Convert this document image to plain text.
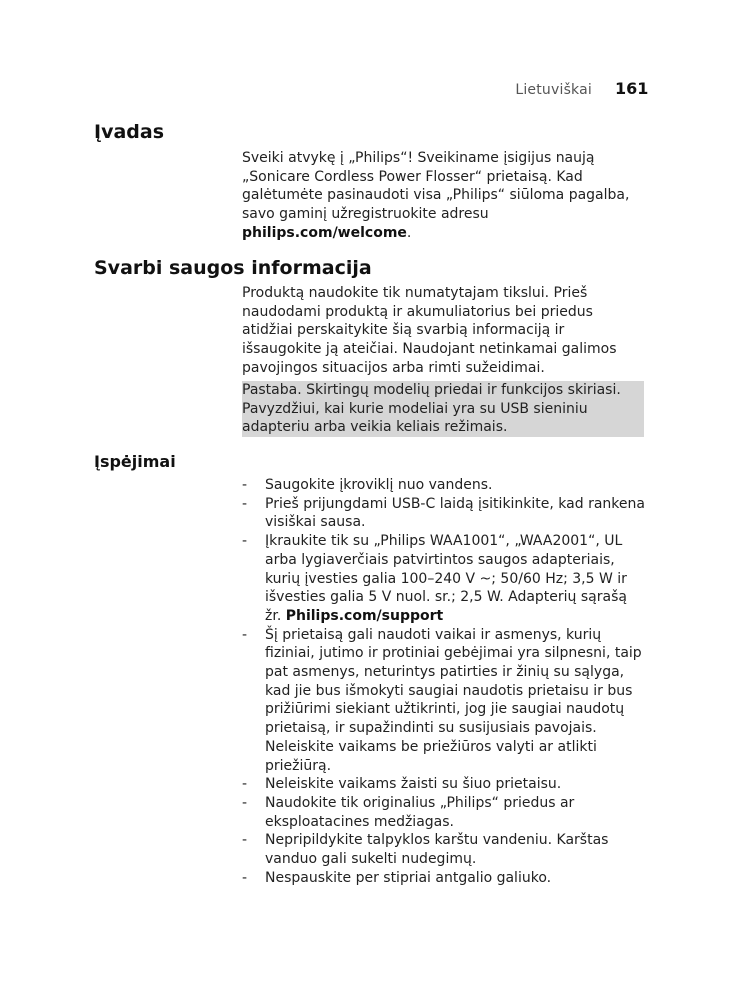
Lietuviškai 161
Įvadas

Sveiki atvykę į „Philips“! Sveikiname įsigijus naują „Sonicare Cordless Power Flosser“ prietaisą. Kad galėtumėte pasinaudoti visa „Philips“ siūloma pagalba, savo gaminį užregistruokite adresu philips.com/welcome.

Svarbi saugos informacija

Produktą naudokite tik numatytajam tikslui. Prieš naudodami produktą ir akumuliatorius bei priedus atidžiai perskaitykite šią svarbią informaciją ir išsaugokite ją ateičiai. Naudojant netinkamai galimos pavojingos situacijos arba rimti sužeidimai.

Pastaba. Skirtingų modelių priedai ir funkcijos skiriasi. Pavyzdžiui, kai kurie modeliai yra su USB sieniniu adapteriu arba veikia keliais režimais.

Įspėjimai
- Saugokite įkroviklį nuo vandens.
- Prieš prijungdami USB-C laidą įsitikinkite, kad rankena visiškai sausa.
- Įkraukite tik su „Philips WAA1001“, „WAA2001“, UL arba lygiaverčiais patvirtintos saugos adapteriais, kurių įvesties galia 100–240 V ~; 50/60 Hz; 3,5 W ir išvesties galia 5 V nuol. sr.; 2,5 W. Adapterių sąrašą žr. Philips.com/support
- Šį prietaisą gali naudoti vaikai ir asmenys, kurių fiziniai, jutimo ir protiniai gebėjimai yra silpnesni, taip pat asmenys, neturintys patirties ir žinių su sąlyga, kad jie bus išmokyti saugiai naudotis prietaisu ir bus prižiūrimi siekiant užtikrinti, jog jie saugiai naudotų prietaisą, ir supažindinti su susijusiais pavojais. Neleiskite vaikams be priežiūros valyti ar atlikti priežiūrą.
- Neleiskite vaikams žaisti su šiuo prietaisu.
- Naudokite tik originalius „Philips“ priedus ar eksploatacines medžiagas.
- Nepripildykite talpyklos karštu vandeniu. Karštas vanduo gali sukelti nudegimų.
- Nespauskite per stipriai antgalio galiuko.
